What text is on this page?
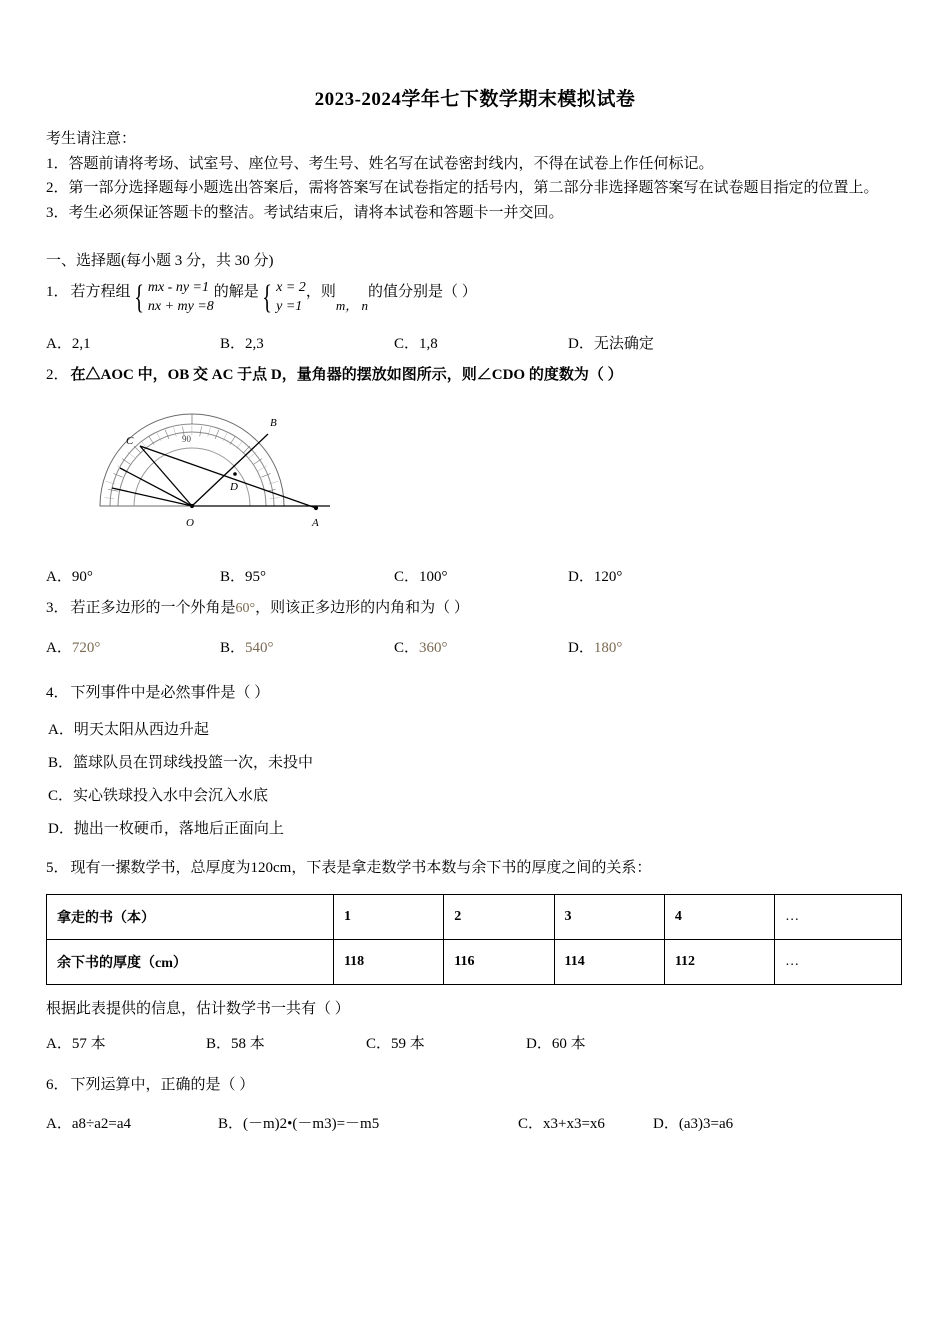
2023-2024学年七下数学期末模拟试卷
考生请注意：

1．答题前请将考场、试室号、座位号、考生号、姓名写在试卷密封线内，不得在试卷上作任何标记。

2．第一部分选择题每小题选出答案后，需将答案写在试卷指定的括号内，第二部分非选择题答案写在试卷题目指定的位置上。

3．考生必须保证答题卡的整洁。考试结束后，请将本试卷和答题卡一并交回。

一、选择题(每小题 3 分，共 30 分)
1． 若方程组 { mx - ny =1
nx + my =8
的解是 { x = 2
y =1
，则
m， n
的值分别是（ ）
A．2,1	B．2,3	C．1,8	D．无法确定
2． 在△AOC 中，OB 交 AC 于点 D，量角器的摆放如图所示，则∠CDO 的度数为（ ）
B
C
D
O	A
90
A．90°	B．95°	C．100°	D．120°
3． 若正多边形的一个外角是60°，则该正多边形的内角和为（ ）
A．720°	B．540°	C．360°	D．180°
4． 下列事件中是必然事件是（ ）
A．明天太阳从西边升起
B．篮球队员在罚球线投篮一次，未投中
C．实心铁球投入水中会沉入水底
D．抛出一枚硬币，落地后正面向上
5． 现有一摞数学书，总厚度为120cm，下表是拿走数学书本数与余下书的厚度之间的关系：
拿走的书（本）	1	2	3	4	…
余下书的厚度（cm）	118	116	114	112	…
根据此表提供的信息，估计数学书一共有（ ）
A．57 本	B．58 本	C．59 本	D．60 本
6． 下列运算中，正确的是（ ）
A．a8÷a2=a4	B．(－m)2•(－m3)=－m5	C．x3+x3=x6	D．(a3)3=a6
